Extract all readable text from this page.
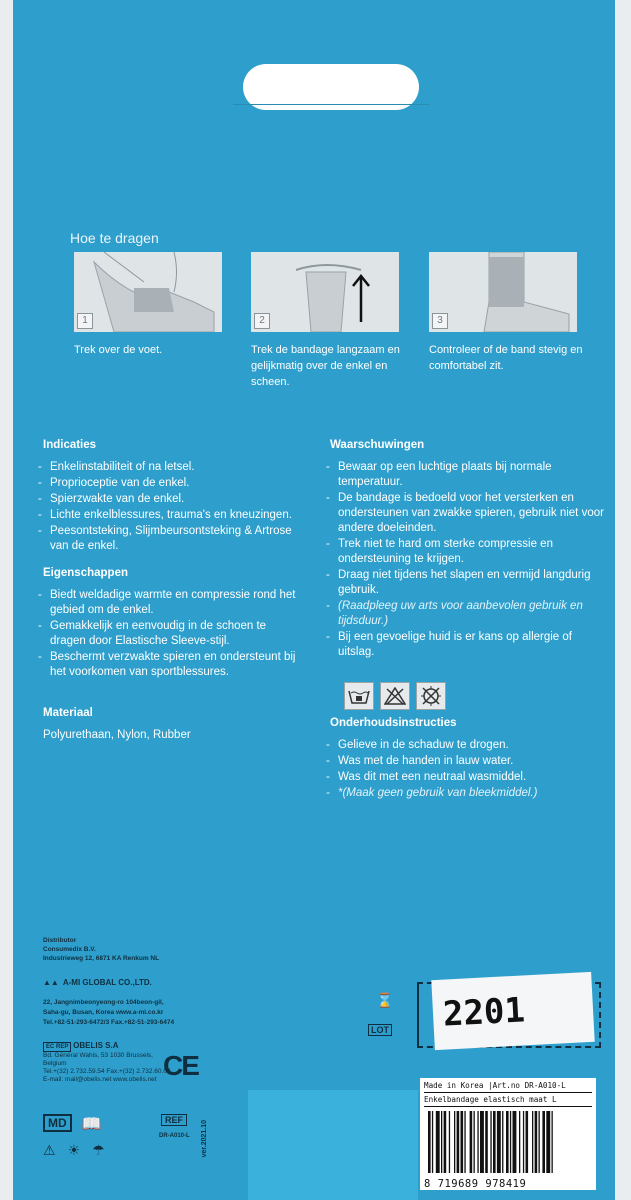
Hoe te dragen
1
Trek over de voet.
2
Trek de bandage langzaam en gelijkmatig over de enkel en scheen.
3
Controleer of de band stevig en comfortabel zit.
Indicaties
- Enkelinstabiliteit of na letsel.
- Proprioceptie van de enkel.
- Spierzwakte van de enkel.
- Lichte enkelblessures, trauma's en kneuzingen.
- Peesontsteking, Slijmbeursontsteking & Artrose van de enkel.
Eigenschappen
- Biedt weldadige warmte en compressie rond het gebied om de enkel.
- Gemakkelijk en eenvoudig in de schoen te dragen door Elastische Sleeve-stijl.
- Beschermt verzwakte spieren en ondersteunt bij het voorkomen van sportblessures.
Materiaal
Polyurethaan, Nylon, Rubber
Waarschuwingen
- Bewaar op een luchtige plaats bij normale temperatuur.
- De bandage is bedoeld voor het versterken en ondersteunen van zwakke spieren, gebruik niet voor andere doeleinden.
- Trek niet te hard om sterke compressie en ondersteuning te krijgen.
- Draag niet tijdens het slapen en vermijd langdurig gebruik.
- (Raadpleeg uw arts voor aanbevolen gebruik en tijdsduur.)
- Bij een gevoelige huid is er kans op allergie of uitslag.
Onderhoudsinstructies
- Gelieve in de schaduw te drogen.
- Was met de handen in lauw water.
- Was dit met een neutraal wasmiddel.
- *(Maak geen gebruik van bleekmiddel.)
Distributor
Consumedix B.V.
Industrieweg 12, 6871 KA Renkum NL
▲▲ A-MI GLOBAL CO.,LTD.
22, Jangnimbeonyeong-ro 104beon-gil,
Saha-gu, Busan, Korea www.a-mi.co.kr
Tel.+82-51-293-6472/3 Fax.+82-51-293-6474
EC REP OBELIS S.A
Bd. Général Wahis, 53 1030 Brussels, Belgium
Tel.+(32) 2.732.59.54 Fax.+(32) 2.732.60.03
E-mail: mail@obelis.net www.obelis.net CE
MD 📖	REF
DR-A010-L ver.2021.10
⚠ ☀ ☂
⌛
LOT	2201
Made in Korea |Art.no DR-A010-L
Enkelbandage elastisch maat L
8 719689 978419
